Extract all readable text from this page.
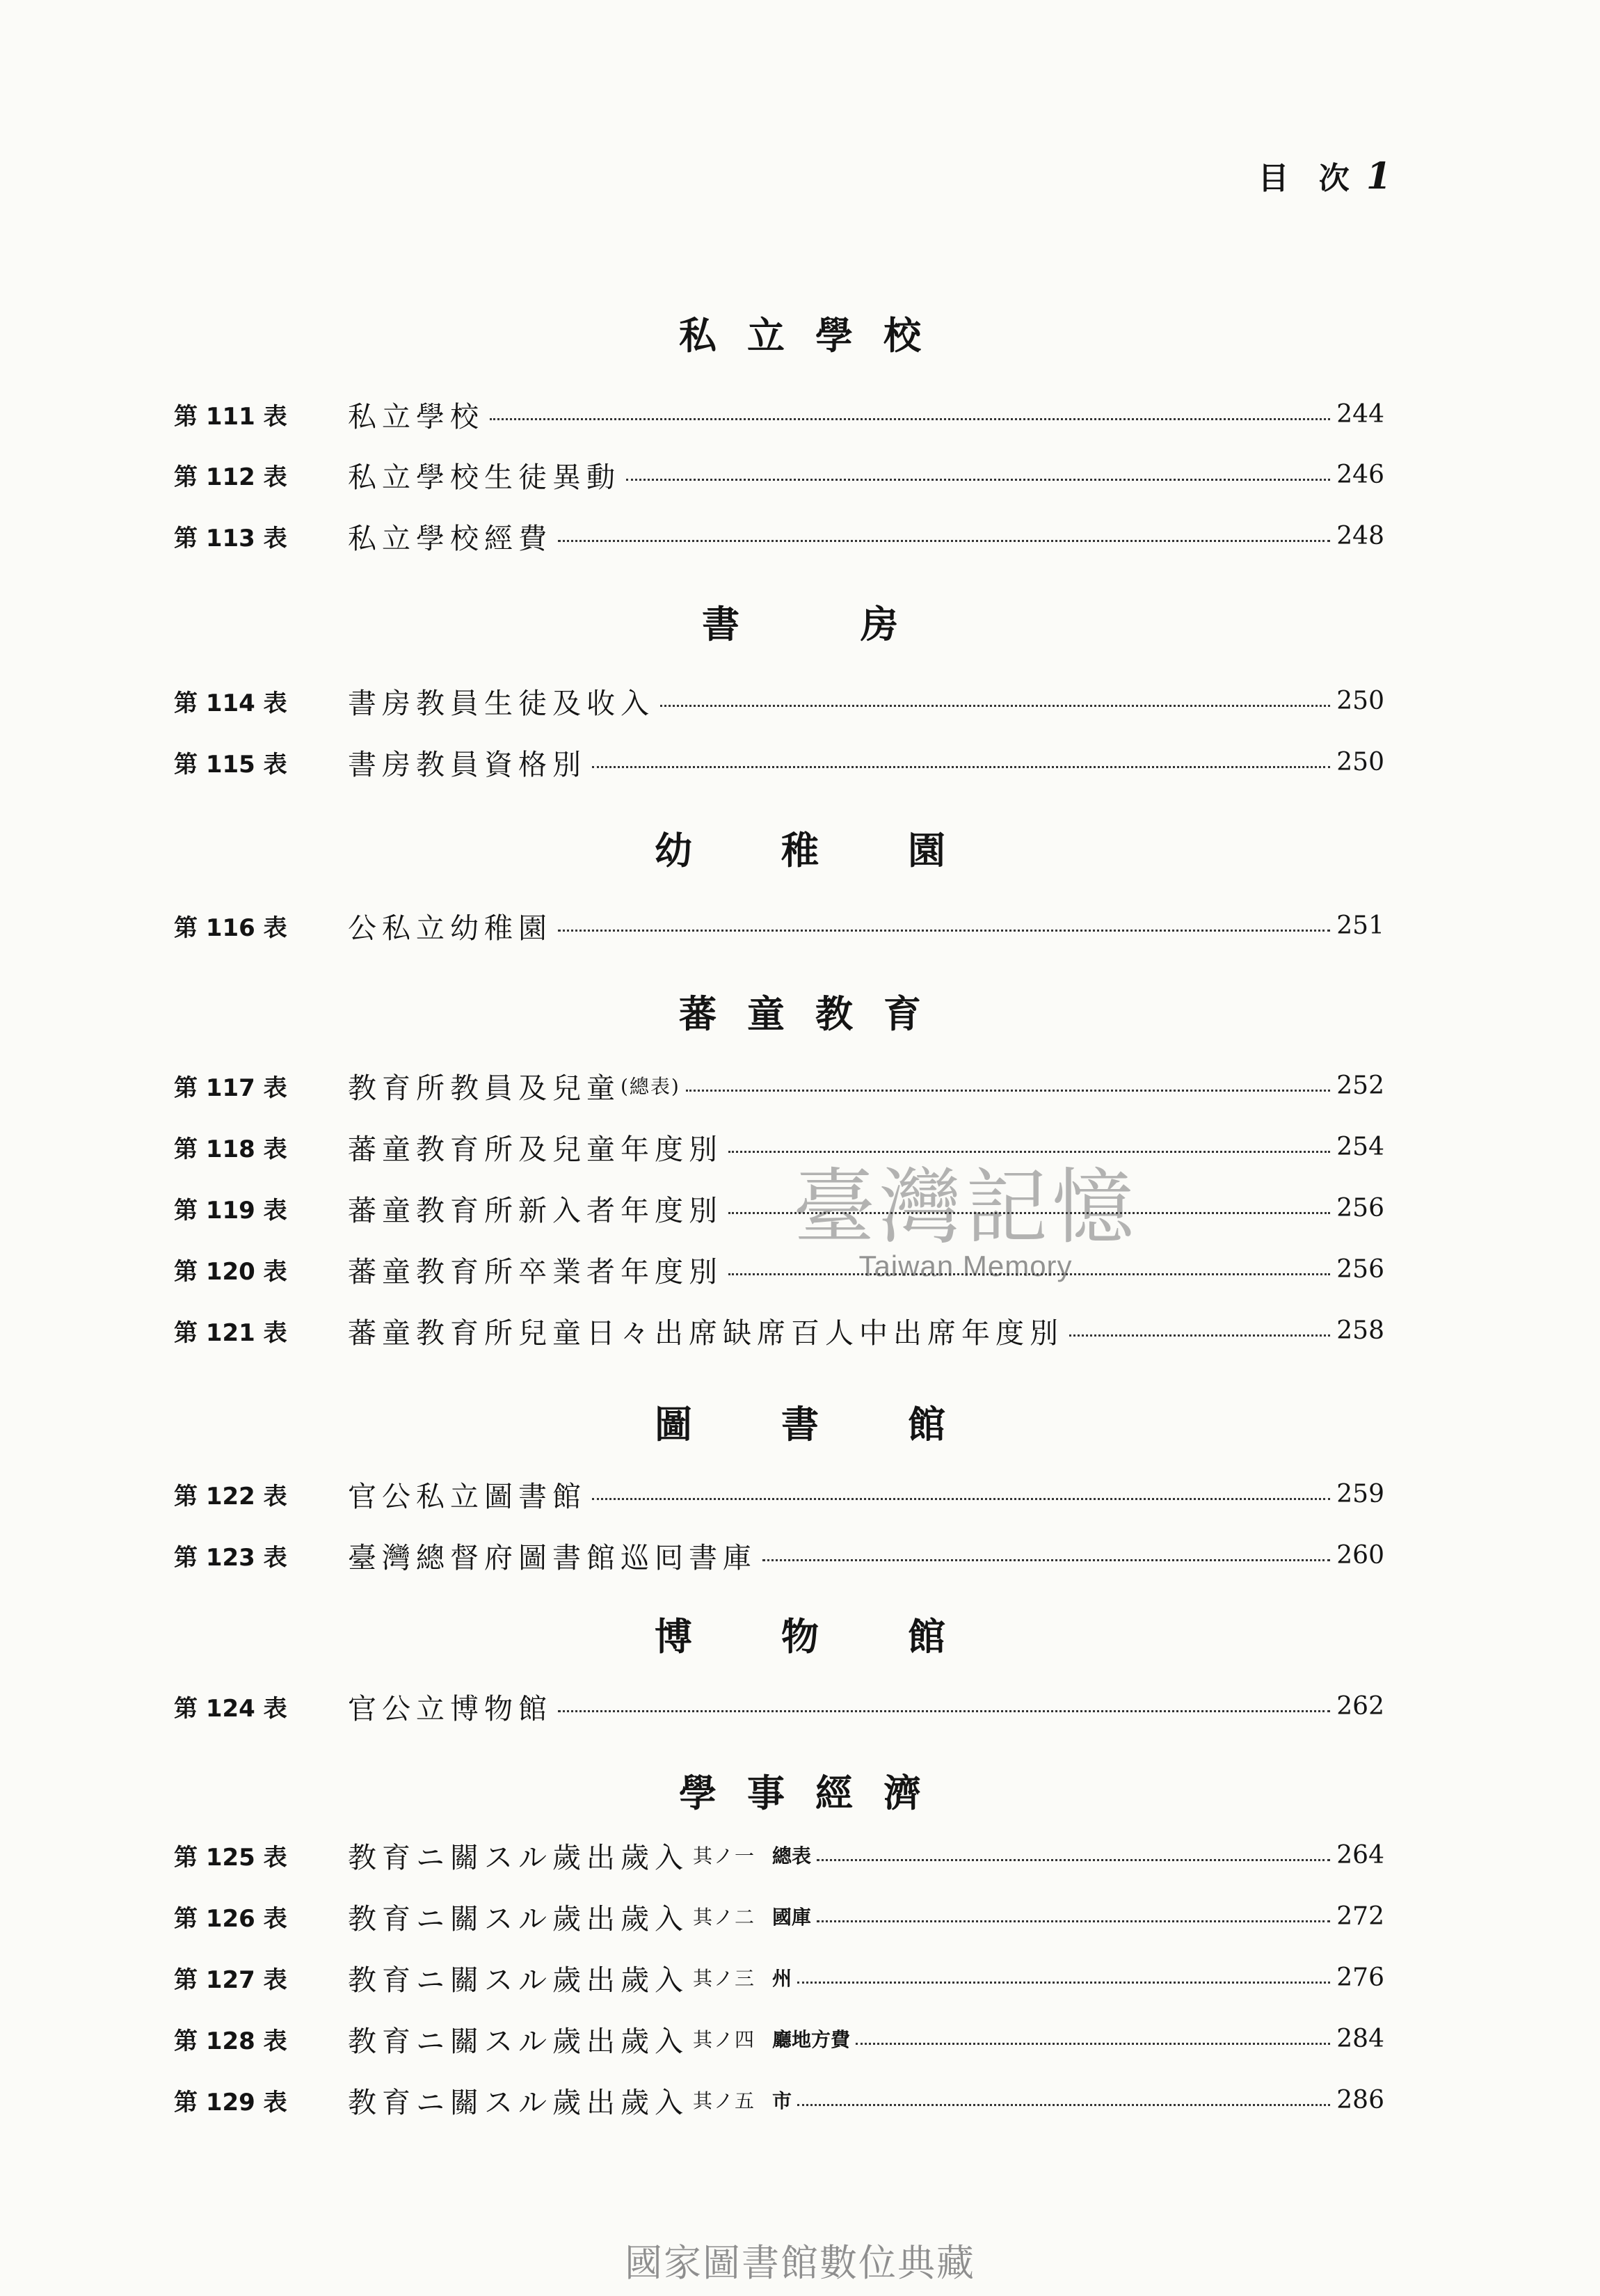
目 次 1
私 立 學 校
書	房
幼 稚 園
蕃 童 教 育
圖 書 館
博 物 館
學 事 經 濟
第 111 表	私立學校	244
第 112 表	私立學校生徒異動	246
第 113 表	私立學校經費	248
第 114 表	書房教員生徒及收入	250
第 115 表	書房教員資格別	250
第 116 表	公私立幼稚園	251
第 117 表	教育所教員及兒童 (總表)	252
第 118 表	蕃童教育所及兒童年度別	254
第 119 表	蕃童教育所新入者年度別	256
第 120 表	蕃童教育所卒業者年度別	256
第 121 表	蕃童教育所兒童日々出席缺席百人中出席年度別	258
第 122 表	官公私立圖書館	259
第 123 表	臺灣總督府圖書館巡囘書庫	260
第 124 表	官公立博物館	262
第 125 表	教育ニ關スル歲出歲入 其ノ一 總表	264
第 126 表	教育ニ關スル歲出歲入 其ノ二 國庫	272
第 127 表	教育ニ關スル歲出歲入 其ノ三 州	276
第 128 表	教育ニ關スル歲出歲入 其ノ四 廳地方費	284
第 129 表	教育ニ關スル歲出歲入 其ノ五 市	286
臺灣記憶
Taiwan Memory
國家圖書館數位典藏
